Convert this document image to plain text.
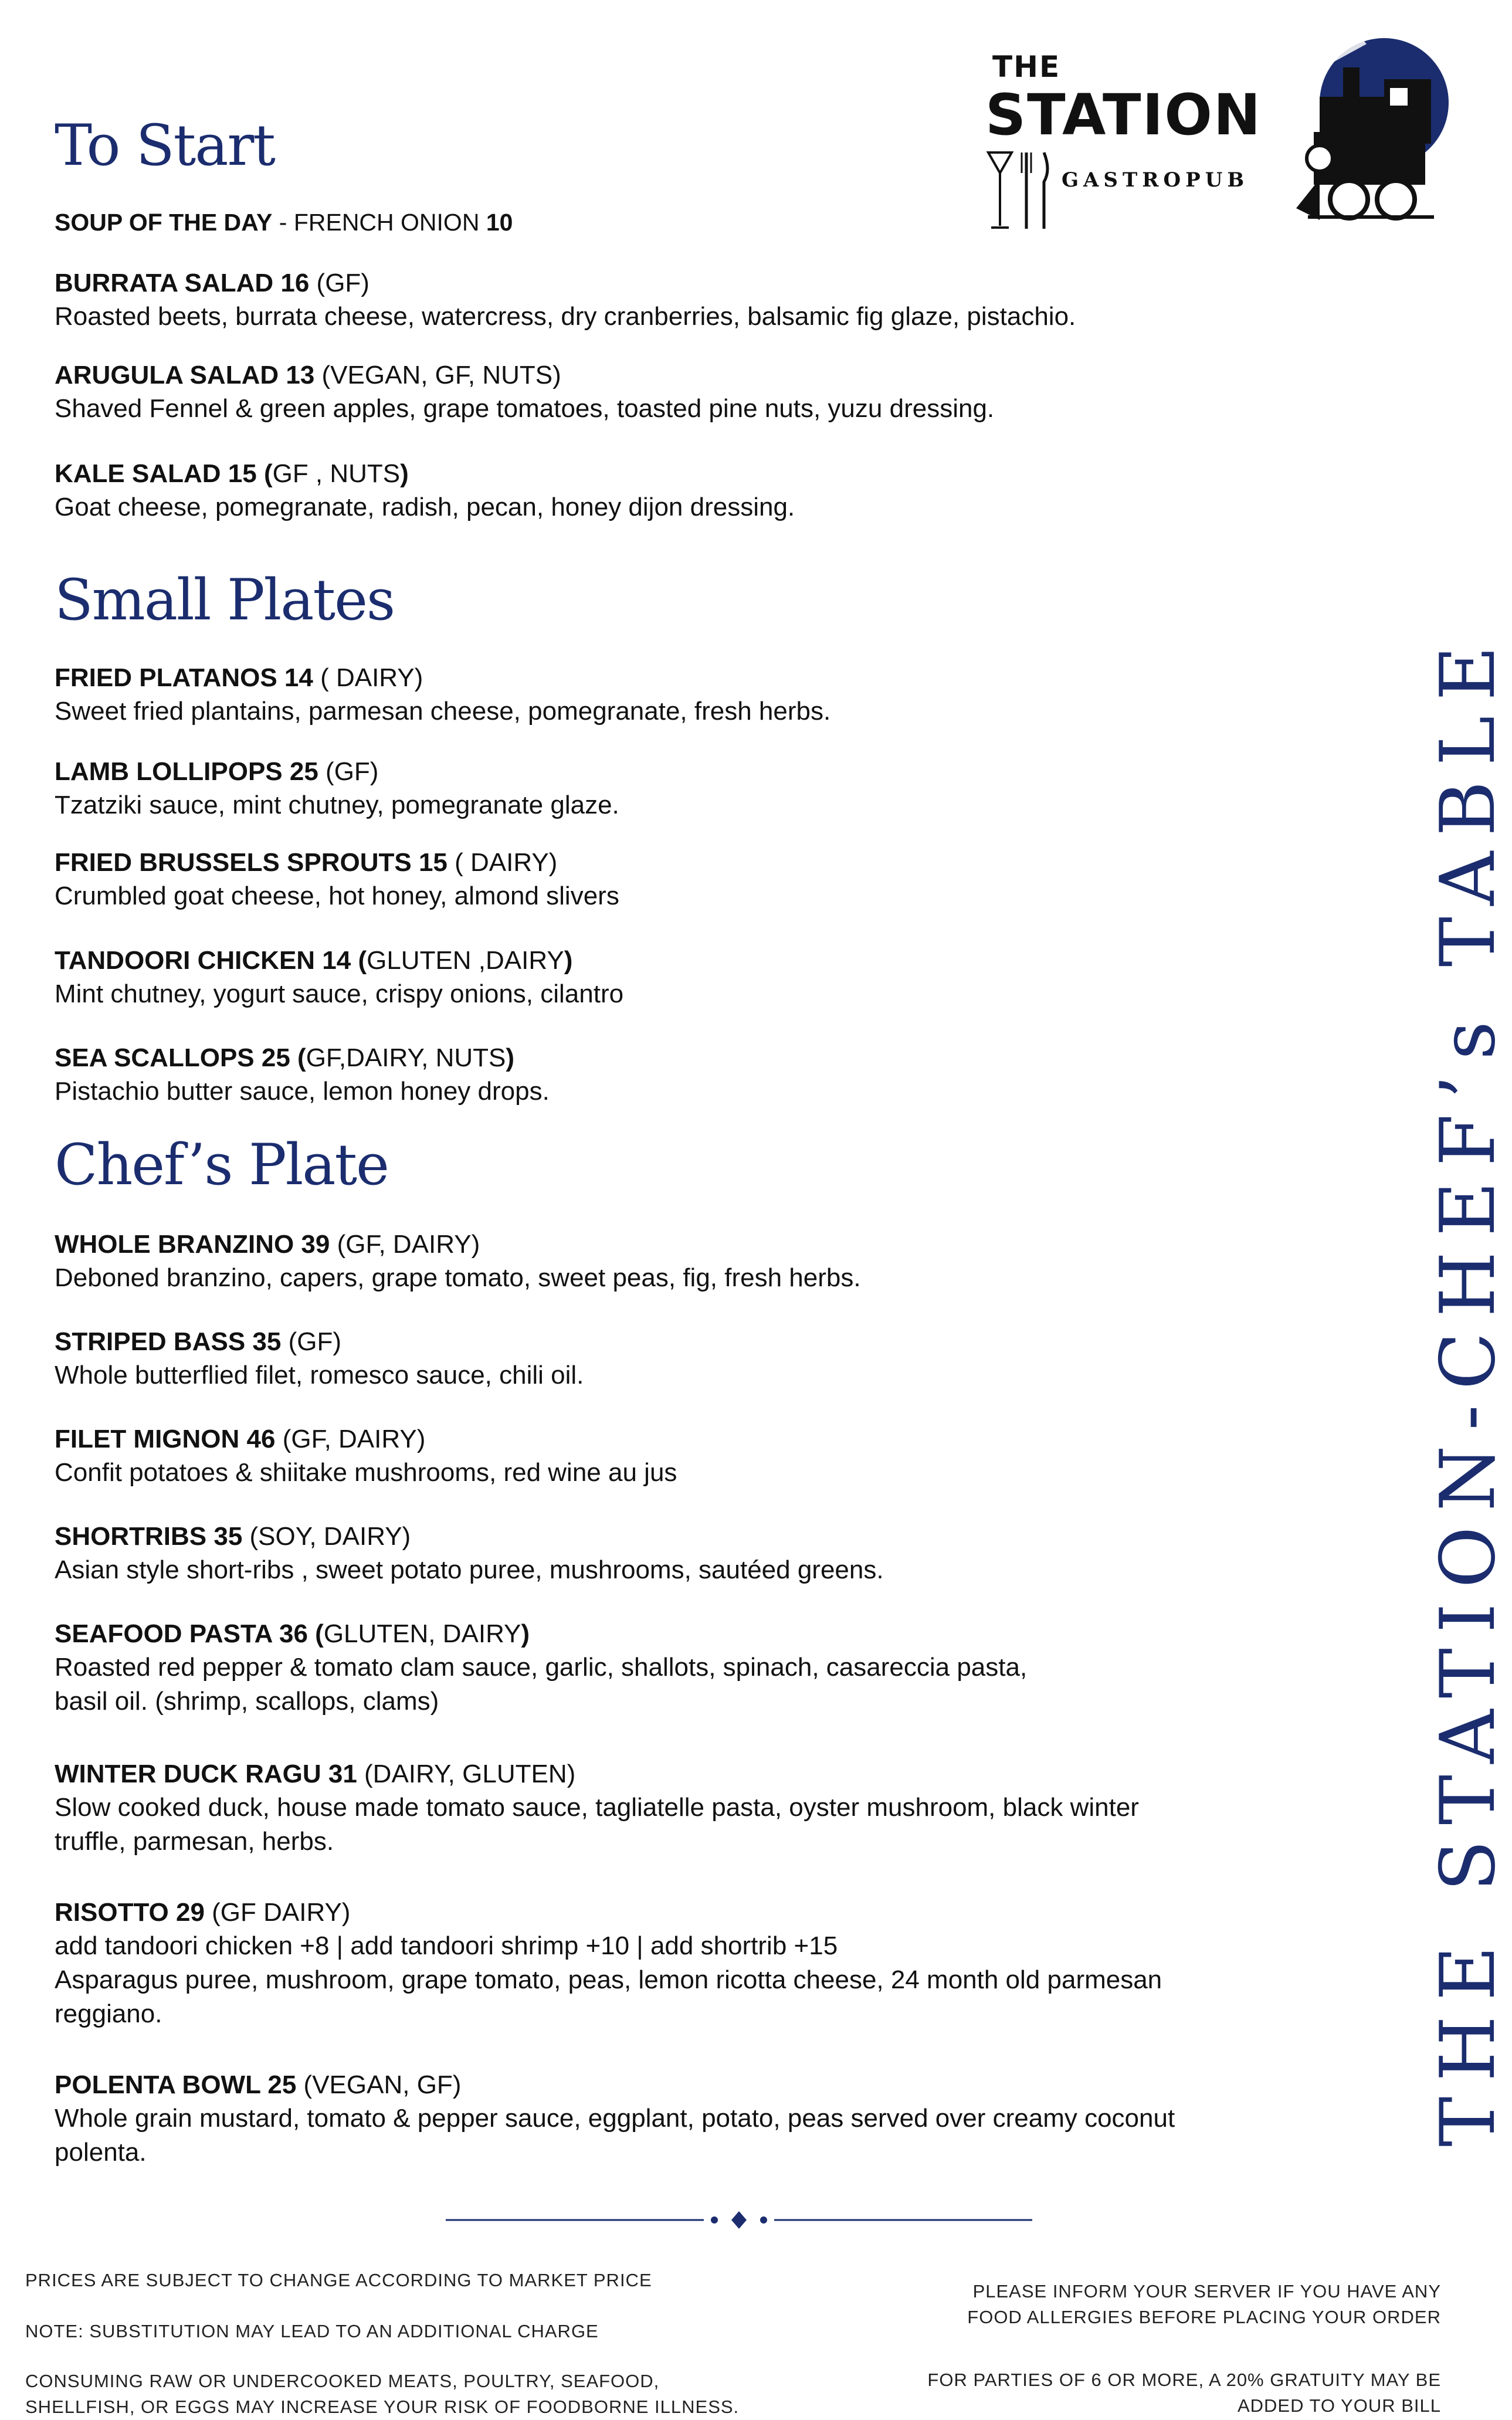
THE
STATION
GASTROPUB
To Start
SOUP OF THE DAY - FRENCH ONION 10
BURRATA SALAD 16 (GF)
Roasted beets, burrata cheese, watercress, dry cranberries, balsamic fig glaze, pistachio.
ARUGULA SALAD 13 (VEGAN, GF, NUTS)
Shaved Fennel & green apples, grape tomatoes, toasted pine nuts, yuzu dressing.
KALE SALAD 15 (GF , NUTS)
Goat cheese, pomegranate, radish, pecan, honey dijon dressing.
Small Plates
FRIED PLATANOS 14 ( DAIRY)
Sweet fried plantains, parmesan cheese, pomegranate, fresh herbs.
LAMB LOLLIPOPS 25 (GF)
Tzatziki sauce, mint chutney, pomegranate glaze.
FRIED BRUSSELS SPROUTS 15 ( DAIRY)
Crumbled goat cheese, hot honey, almond slivers
TANDOORI CHICKEN 14 (GLUTEN ,DAIRY)
Mint chutney, yogurt sauce, crispy onions, cilantro
SEA SCALLOPS 25 (GF,DAIRY, NUTS)
Pistachio butter sauce, lemon honey drops.
Chef’s Plate
WHOLE BRANZINO 39 (GF, DAIRY)
Deboned branzino, capers, grape tomato, sweet peas, fig, fresh herbs.
STRIPED BASS 35 (GF)
Whole butterflied filet, romesco sauce, chili oil.
FILET MIGNON 46 (GF, DAIRY)
Confit potatoes & shiitake mushrooms, red wine au jus
SHORTRIBS 35 (SOY, DAIRY)
Asian style short-ribs , sweet potato puree, mushrooms, sautéed greens.
SEAFOOD PASTA 36 (GLUTEN, DAIRY)
Roasted red pepper & tomato clam sauce, garlic, shallots, spinach, casareccia pasta,
basil oil. (shrimp, scallops, clams)
WINTER DUCK RAGU 31 (DAIRY, GLUTEN)
Slow cooked duck, house made tomato sauce, tagliatelle pasta, oyster mushroom, black winter
truffle, parmesan, herbs.
RISOTTO 29 (GF DAIRY)
add tandoori chicken +8 | add tandoori shrimp +10 | add shortrib +15
Asparagus puree, mushroom, grape tomato, peas, lemon ricotta cheese, 24 month old parmesan
reggiano.
POLENTA BOWL 25 (VEGAN, GF)
Whole grain mustard, tomato & pepper sauce, eggplant, potato, peas served over creamy coconut
polenta.
THE STATION-CHEF’s TABLE
PRICES ARE SUBJECT TO CHANGE ACCORDING TO MARKET PRICE
NOTE: SUBSTITUTION MAY LEAD TO AN ADDITIONAL CHARGE
CONSUMING RAW OR UNDERCOOKED MEATS, POULTRY, SEAFOOD,
SHELLFISH, OR EGGS MAY INCREASE YOUR RISK OF FOODBORNE ILLNESS.
PLEASE INFORM YOUR SERVER IF YOU HAVE ANY
FOOD ALLERGIES BEFORE PLACING YOUR ORDER
FOR PARTIES OF 6 OR MORE, A 20% GRATUITY MAY BE
ADDED TO YOUR BILL
